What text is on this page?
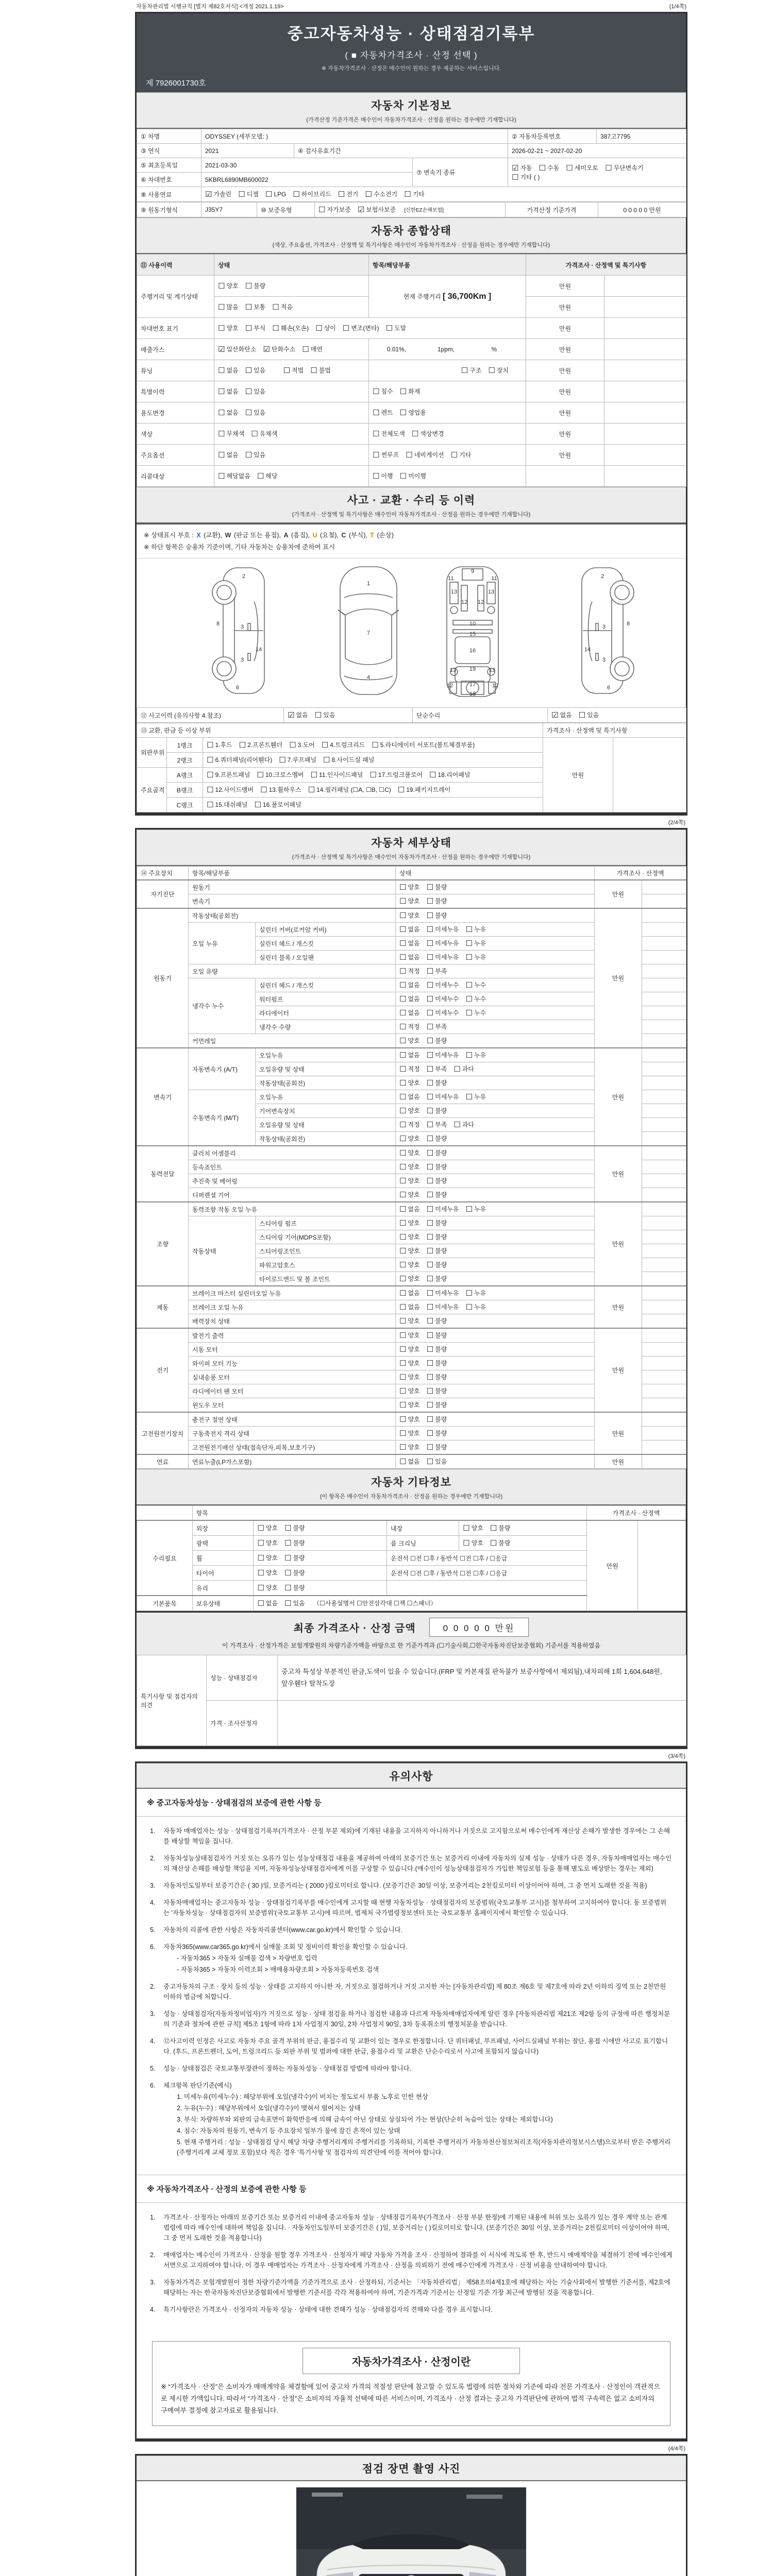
자동차관리법 시행규칙 [별지 제82호서식] <개정 2021.1.19>	(1/4쪽)
중고자동차성능 · 상태점검기록부
( ■ 자동차가격조사 · 산정 선택 )
※ 자동차가격조사 · 산정은 매수인이 원하는 경우 제공하는 서비스입니다.
제 7926001730호
자동차 기본정보
(가격산정 기준가격은 매수인이 자동차가격조사 · 산정을 원하는 경우에만 기재합니다)
① 차명	ODYSSEY (세부모델: )			② 자동차등록번호	387고7795
③ 연식	2021	④ 검사유효기간		2026-02-21 ~ 2027-02-20	
⑤ 최초등록일	2021-03-30		⑦ 변속기 종류	☑ 자동 ☐ 수동 ☐ 세미오토 ☐ 무단변속기☐ 기타 ( )	
⑥ 차대번호	5KBRL6890MB600022				
⑧ 사용연료	☑ 가솔린 ☐ 디젤 ☐ LPG ☐ 하이브리드 ☐ 전기 ☐ 수소전기 ☐ 기타				
⑨ 원동기형식	J35Y7	⑩ 보증유형	☐ 자가보증 ☑ 보험사보증 [신한EZ손해보험]	가격산정 기준가격	0 0 0 0 0 만원
자동차 종합상태
(색상, 주요옵션, 가격조사 · 산정액 및 특기사항은 매수인이 자동차가격조사 · 산정을 원하는 경우에만 기재합니다)
⑪ 사용이력	상태	항목/해당부품	가격조사 · 산정액 및 특기사항	
주행거리 및 계기상태	☐ 양호 ☐ 불량	현재 주행거리 [ 36,700Km ]	만원	
	☐ 많음 ☐ 보통 ☐ 적음		만원	
차대번호 표기	☐ 양호 ☐ 부식 ☐ 훼손(오손) ☐ 상이 ☐ 변조(변타) ☐ 도말		만원	
배출가스	☑ 일산화탄소 ☑ 탄화수소 ☐ 매연	0.01%, 1ppm, %	만원	
튜닝	☐ 없음 ☐ 있음 ☐ 적법 ☐ 불법	☐ 구조 ☐ 장치	만원	
특별이력	☐ 없음 ☐ 있음	☐ 침수 ☐ 화재	만원	
용도변경	☐ 없음 ☐ 있음	☐ 렌트 ☐ 영업용	만원	
색상	☐ 무채색 ☐ 유채색	☐ 전체도색 ☐ 색상변경	만원	
주요옵션	☐ 없음 ☐ 있음	☐ 썬루프 ☐ 네비게이션 ☐ 기타	만원	
리콜대상	☐ 해당없음 ☐ 해당	☐ 이행 ☐ 미이행		
사고 · 교환 · 수리 등 이력
(가격조사 · 산정액 및 특기사항은 매수인이 자동차가격조사 · 산정을 원하는 경우에만 기재합니다)
※ 상태표시 부호 : X (교환), W (판금 또는 용접), A (흠집), U (요철), C (부식), T (손상)
※ 하단 항목은 승용차 기준이며, 기타 자동차는 승용차에 준하여 표시
2
8	3
14
3
6
1
7
4
9
11	11
13	13
12 12
10
15
16
19
13	13
17
12	12
18
2
8
3
14
3
6
⑫ 사고이력 (유의사항 4.참조)	☑ 없음 ☐ 있음	단순수리	☑ 없음 ☐ 있음
⑬ 교환, 판금 등 이상 부위			가격조사 · 산정액 및 특기사항	
외판부위	1랭크	☐ 1.후드 ☐ 2.프론트휀더 ☐ 3.도어 ☐ 4.트렁크리드 ☐ 5.라디에이터 서포트(볼트체결부품)	만원	
	2랭크	☐ 6.쿼더패널(리어휀다) ☐ 7.루프패널 ☐ 8.사이드실 패널		
주요골격	A랭크	☐ 9.프론트패널 ☐ 10.크로스멤버 ☐ 11.인사이드패널 ☐ 17.트렁크플로어 ☐ 18.리어패널		
	B랭크	☐ 12.사이드멤버 ☐ 13.휠하우스 ☐ 14.필러패널 (☐A, ☐B, ☐C) ☐ 19.패키지트레이		
	C랭크	☐ 15.대쉬패널 ☐ 16.플로어패널		
(2/4쪽)
자동차 세부상태
(가격조사 · 산정액 및 특기사항은 매수인이 자동차가격조사 · 산정을 원하는 경우에만 기재합니다)
⑭ 주요장치	항목/해당부품		상태	가격조사 · 산정액	
자기진단	원동기		☐ 양호 ☐ 불량	만원	
	변속기		☐ 양호 ☐ 불량		
원동기	작동상태(공회전)		☐ 양호 ☐ 불량	만원	
	오일 누유	실린더 커버(로커암 커버)	☐ 없음 ☐ 미세누유 ☐ 누유		
		실린더 헤드 / 개스킷	☐ 없음 ☐ 미세누유 ☐ 누유		
		실린더 블록 / 오일팬	☐ 없음 ☐ 미세누유 ☐ 누유		
	오일 유량		☐ 적정 ☐ 부족		
	냉각수 누수	실린더 헤드 / 개스킷	☐ 없음 ☐ 미세누수 ☐ 누수		
		워터펌프	☐ 없음 ☐ 미세누수 ☐ 누수		
		라디에이터	☐ 없음 ☐ 미세누수 ☐ 누수		
		냉각수 수량	☐ 적정 ☐ 부족		
	커먼레일		☐ 양호 ☐ 불량		
변속기	자동변속기 (A/T)	오일누유	☐ 없음 ☐ 미세누유 ☐ 누유	만원	
		오일유량 및 상태	☐ 적정 ☐ 부족 ☐ 과다		
		작동상태(공회전)	☐ 양호 ☐ 불량		
	수동변속기 (M/T)	오일누유	☐ 없음 ☐ 미세누유 ☐ 누유		
		기어변속장치	☐ 양호 ☐ 불량		
		오일유량 및 상태	☐ 적정 ☐ 부족 ☐ 과다		
		작동상태(공회전)	☐ 양호 ☐ 불량		
동력전달	클러치 어셈블리		☐ 양호 ☐ 불량	만원	
	등속죠인트		☐ 양호 ☐ 불량		
	추진축 및 베어링		☐ 양호 ☐ 불량		
	디퍼렌셜 기어		☐ 양호 ☐ 불량		
조향	동력조향 작동 오일 누유		☐ 없음 ☐ 미세누유 ☐ 누유	만원	
	작동상태	스티어링 펌프	☐ 양호 ☐ 불량		
		스티어링 기어(MDPS포함)	☐ 양호 ☐ 불량		
		스티어링조인트	☐ 양호 ☐ 불량		
		파워고압호스	☐ 양호 ☐ 불량		
		타이로드엔드 및 볼 조인트	☐ 양호 ☐ 불량		
제동	브레이크 마스터 실린더오일 누유		☐ 없음 ☐ 미세누유 ☐ 누유	만원	
	브레이크 오일 누유		☐ 없음 ☐ 미세누유 ☐ 누유		
	배력장치 상태		☐ 양호 ☐ 불량		
전기	발전기 출력		☐ 양호 ☐ 불량	만원	
	시동 모터		☐ 양호 ☐ 불량		
	와이퍼 모터 기능		☐ 양호 ☐ 불량		
	실내송풍 모터		☐ 양호 ☐ 불량		
	라디에이터 팬 모터		☐ 양호 ☐ 불량		
	윈도우 모터		☐ 양호 ☐ 불량		
고전원전기장치	충전구 절연 상태		☐ 양호 ☐ 불량	만원	
	구동축전지 격리 상태		☐ 양호 ☐ 불량		
	고전원전기배선 상태(접속단자,피복,보호기구)		☐ 양호 ☐ 불량		
연료	연료누출(LP가스포함)		☐ 없음 ☐ 있음	만원	
자동차 기타정보
(이 항목은 매수인이 자동차가격조사 · 산정을 원하는 경우에만 기재합니다)
	항목				가격조사 · 산정액	
수리필요	외장	☐ 양호 ☐ 불량	내장	☐ 양호 ☐ 불량	만원	
	광택	☐ 양호 ☐ 불량	룸 크리닝	☐ 양호 ☐ 불량		
	휠	☐ 양호 ☐ 불량	운전석 ☐전 ☐후 / 동반석 ☐전 ☐후 / ☐응급			
	타이어	☐ 양호 ☐ 불량	운전석 ☐전 ☐후 / 동반석 ☐전 ☐후 / ☐응급			
	유리	☐ 양호 ☐ 불량				
기본품목	보유상태	☐ 없음 ☐ 있음 （☐사용설명서 ☐안전삼각대 ☐잭 ☐스패너）				
최종 가격조사 · 산정 금액	0 0 0 0 0 만원
이 가격조사 · 산정가격은 보험개발원의 차량기준가액을 바탕으로 한 기준가격과 (☐기술사회,☐한국자동차진단보증협회) 기준서를 적용하였음
특기사항 및 점검자의 의견	성능 · 상태점검자	중고차 특성상 부분적인 판금,도색이 있을 수 있습니다.(FRP 및 카본재질 판독불가 보증사항에서 제외됨),내차피해 1회 1,604,648원,앞우휀다 탈착도장
	가격 · 조사산정자	
(3/4쪽)
유의사항
※ 중고자동차성능 · 상태점검의 보증에 관한 사항 등
1.	자동차 매매업자는 성능 · 상태점검기록부(가격조사 · 산정 부분 제외)에 기재된 내용을 고지하지 아니하거나 거짓으로 고지함으로써 매수인에게 재산상 손해가 발생한 경우에는 그 손해를 배상할 책임을 집니다.
2.	자동차성능상태점검자가 거짓 또는 오류가 있는 성능상태점검 내용을 제공하여 아래의 보증기간 또는 보증거리 이내에 자동차의 실제 성능 · 상태가 다른 경우, 자동차매매업자는 매수인의 재산상 손해를 배상할 책임을 지며, 자동차성능상태점검자에게 이를 구상할 수 있습니다.(매수인이 성능상태점검자가 가입한 책임보험 등을 통해 별도로 배상받는 경우는 제외)
3.	자동차인도일부터 보증기간은 ( 30 )일, 보증거리는 ( 2000 )킬로미터로 합니다. (보증기간은 30일 이상, 보증거리는 2천킬로미터 이상이어야 하며, 그 중 먼저 도래한 것을 적용)
4.	자동차매매업자는 중고자동차 성능 · 상태점검기록부를 매수인에게 고지할 때 현행 자동차성능 · 상태점검자의 보증범위(국토교통부 고시)를 첨부하여 고지하여야 합니다. 동 보증범위는 '자동차성능 · 상태점검자의 보증범위'(국토교통부 고시)에 따르며, 법제처 국가법령정보센터 또는 국토교통부 홈페이지에서 확인할 수 있습니다.
5.	자동차의 리콜에 관한 사항은 자동차리콜센터(www.car.go.kr)에서 확인할 수 있습니다.
6.	자동차365(www.car365.go.kr)에서 실매물 조회 및 정비이력 확인을 확인할 수 있습니다.
- 자동차365 > 자동차 실매물 검색 > 차량번호 입력
- 자동차365 > 자동차 이력조회 > 매매용차량조회 > 자동차등록번호 검색
2.	중고자동차의 구조 · 장치 등의 성능 · 상태를 고지하지 아니한 자, 거짓으로 점검하거나 거짓 고지한 자는 [자동차관리법] 제 80조 제6호 및 제7호에 따라 2년 이하의 징역 또는 2천만원 이하의 벌금에 처합니다.
3.	성능 · 상태점검자(자동차정비업자)가 거짓으로 성능 · 상태 점검을 하거나 점검한 내용과 다르게 자동차매매업자에게 알린 경우 [자동차관리법 제21조 제2항 등의 규정에 따른 행정처분의 기준과 절차에 관한 규칙] 제5조 1항에 따라 1차 사업정지 30일, 2차 사업정지 90일, 3차 등록취소의 행정처분을 받습니다.
4.	⑫사고이력 인정은 사고로 자동차 주요 골격 부위의 판금, 용접수리 및 교환이 있는 경우로 한정합니다. 단 쿼터패널, 루프패널, 사이드실패널 부위는 절단, 용접 시에만 사고로 표기합니다. (후드, 프론트펜더, 도어, 트렁크리드 등 외판 부위 및 범퍼에 대한 판금, 용접수리 및 교환은 단순수리로서 사고에 포함되지 않습니다)
5.	성능 · 상태점검은 국토교통부장관이 정하는 자동차성능 · 상태점검 방법에 따라야 합니다.
6.	체크항목 판단기준(예시)
1. 미세누유(미세누수) : 해당부위에 오일(냉각수)이 비치는 정도로서 부품 노후로 인한 현상
2. 누유(누수) : 해당부위에서 오일(냉각수)이 맺혀서 떨어지는 상태
3. 부식: 차량하부와 외판의 금속표면이 화학반응에 의해 금속이 아닌 상태로 상실되어 가는 현상(단순히 녹슬어 있는 상태는 제외합니다)
4. 침수: 자동차의 원동기, 변속기 등 주요장치 일부가 물에 잠긴 흔적이 있는 상태
5. 현재 주행거리 : 성능 · 상태점검 당시 해당 차량 주행거리계의 주행거리를 기록하되, 기록한 주행거리가 자동차전산정보처리조직(자동차관리정보시스템)으로부터 받은 주행거리(주행거리계 교체 정보 포함)보다 적은 경우 '특기사항 및 점검자의 의견'란에 이를 적어야 합니다.
※ 자동차가격조사 · 산정의 보증에 관한 사항 등
1.	가격조사 · 산정자는 아래의 보증기간 또는 보증거리 이내에 중고자동차 성능 · 상태점검기록부(가격조사 · 산정 부분 한정)에 기재된 내용에 허위 또는 오류가 있는 경우 계약 또는 관계법령에 따라 매수인에 대하여 책임을 집니다. · 자동차인도일부터 보증기간은 ( )일, 보증거리는 ( )킬로미터로 합니다. (보증기간은 30일 이상, 보증거리는 2천킬로미터 이상이어야 하며, 그 중 먼저 도래한 것을 적용합니다)
2.	매매업자는 매수인이 가격조사 · 산정을 원할 경우 가격조사 · 산정자가 해당 자동차 가격을 조사 · 산정하여 결과를 이 서식에 적도록 한 후, 반드시 매매계약을 체결하기 전에 매수인에게 서면으로 고지하여야 합니다. 이 경우 매매업자는 가격조사 · 산정자에게 가격조사 · 산정을 의뢰하기 전에 매수인에게 가격조사 · 산정 비용을 안내하여야 합니다.
3.	자동차가격은 보험개발원이 정한 차량기준가액을 기준가격으로 조사 · 산정하되, 기준서는 「자동차관리법」 제58조의4제1호에 해당하는 자는 기술사회에서 발행한 기준서를, 제2호에 해당하는 자는 한국자동차진단보증협회에서 발행한 기준서를 각각 적용하여야 하며, 기준가격과 기준서는 산정일 기준 가장 최근에 발행된 것을 적용합니다.
4.	특기사항란은 가격조사 · 산정자의 자동차 성능 · 상태에 대한 견해가 성능 · 상태점검자의 견해와 다를 경우 표시합니다.
자동차가격조사 · 산정이란
※ “가격조사 · 산정”은 소비자가 매매계약을 체결함에 있어 중고차 가격의 적절성 판단에 참고할 수 있도록 법령에 의한 절차와 기준에 따라 전문 가격조사 · 산정인이 객관적으로 제시한 가액입니다. 따라서 “가격조사 · 산정”은 소비자의 자율적 선택에 따른 서비스이며, 가격조사 · 산정 결과는 중고차 가격판단에 관하여 법적 구속력은 없고 소비자의 구매여부 결정에 참고자료로 활용됩니다.
(4/4쪽)
점검 장면 촬영 사진
